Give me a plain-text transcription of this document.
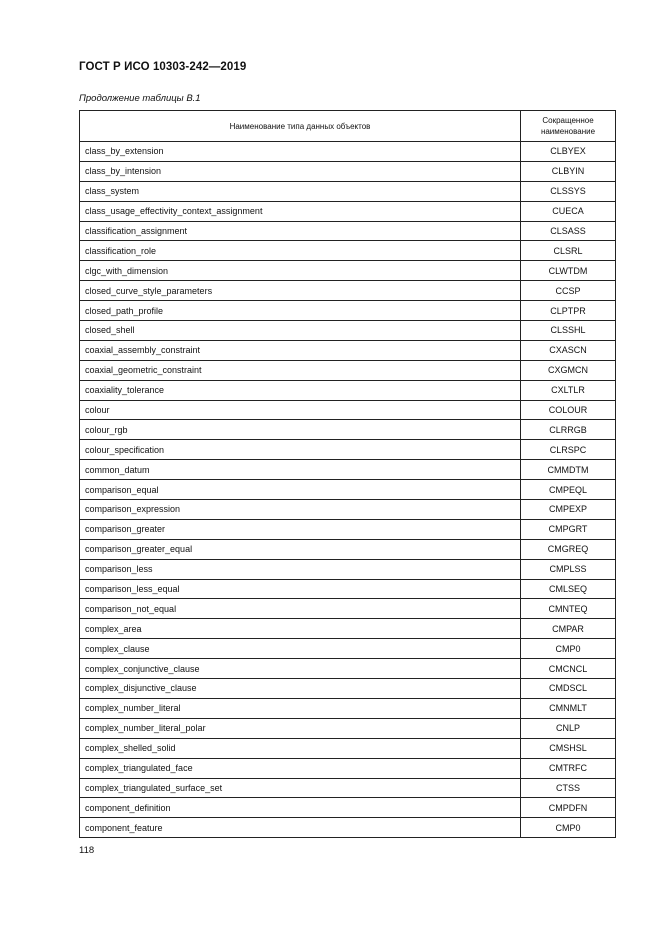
ГОСТ Р ИСО 10303-242—2019
Продолжение таблицы В.1
Наименование типа данных объектов	Сокращенное наименование
class_by_extension	CLBYEX
class_by_intension	CLBYIN
class_system	CLSSYS
class_usage_effectivity_context_assignment	CUECA
classification_assignment	CLSASS
classification_role	CLSRL
clgc_with_dimension	CLWTDM
closed_curve_style_parameters	CCSP
closed_path_profile	CLPTPR
closed_shell	CLSSHL
coaxial_assembly_constraint	CXASCN
coaxial_geometric_constraint	CXGMCN
coaxiality_tolerance	CXLTLR
colour	COLOUR
colour_rgb	CLRRGB
colour_specification	CLRSPC
common_datum	CMMDTM
comparison_equal	CMPEQL
comparison_expression	CMPEXP
comparison_greater	CMPGRT
comparison_greater_equal	CMGREQ
comparison_less	CMPLSS
comparison_less_equal	CMLSEQ
comparison_not_equal	CMNTEQ
complex_area	CMPAR
complex_clause	CMP0
complex_conjunctive_clause	CMCNCL
complex_disjunctive_clause	CMDSCL
complex_number_literal	CMNMLT
complex_number_literal_polar	CNLP
complex_shelled_solid	CMSHSL
complex_triangulated_face	CMTRFC
complex_triangulated_surface_set	CTSS
component_definition	CMPDFN
component_feature	CMP0
118
